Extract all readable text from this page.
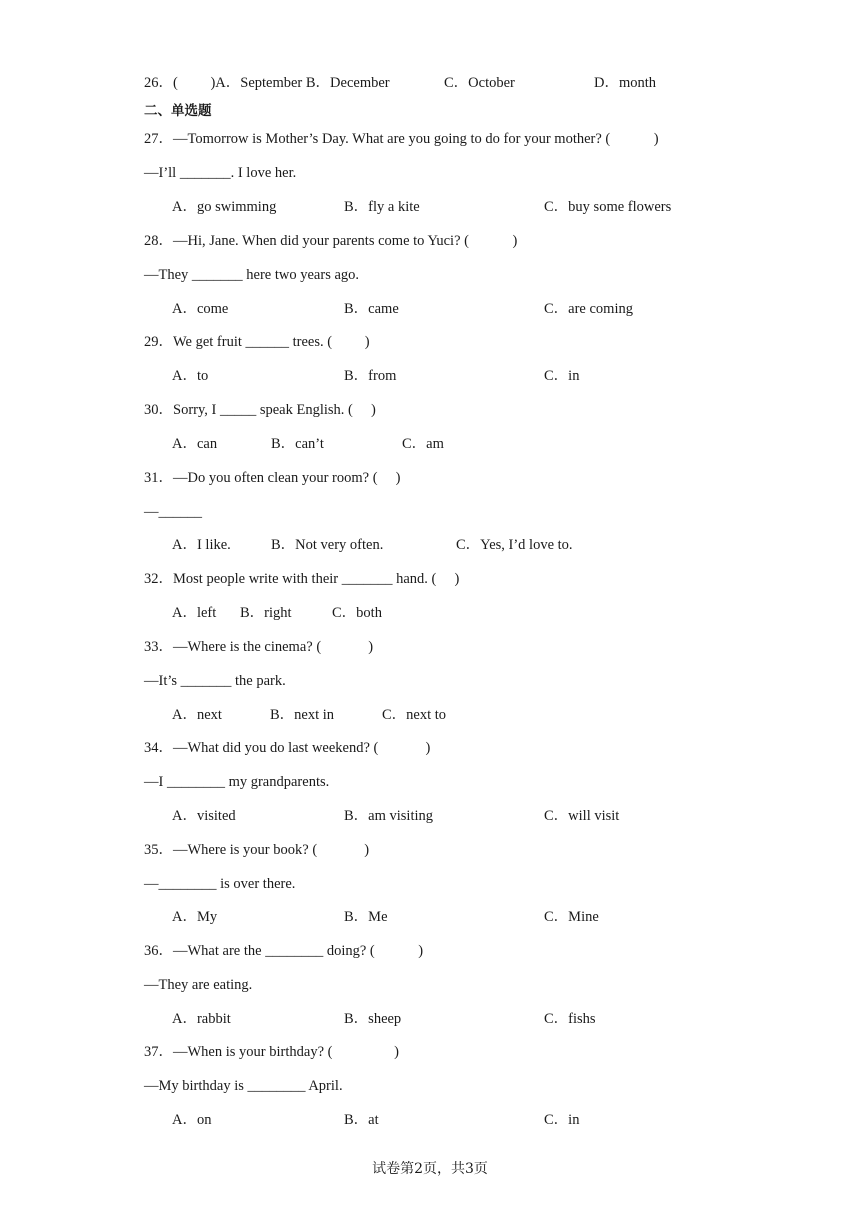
26．(　　 )A．September B．December	C．October	D．month
二、单选题
27．—Tomorrow is Mother’s Day. What are you going to do for your mother? (　　　)
—I’ll _______. I love her.
A．go swimming	B．fly a kite	C．buy some flowers
28．—Hi, Jane. When did your parents come to Yuci? (　　　)
—They _______ here two years ago.
A．come	B．came	C．are coming
29．We get fruit ______ trees. (　　 )
A．to	B．from	C．in
30．Sorry, I _____ speak English. (　 )
A．can	B．can’t	C．am
31．—Do you often clean your room? (　 )
—______
A．I like.	B．Not very often.	C．Yes, I’d love to.
32．Most people write with their _______ hand. (　 )
A．left B．right	C．both
33．—Where is the cinema? (　　　 )
—It’s _______ the park.
A．next	B．next in	C．next to
34．—What did you do last weekend? (　　　 )
—I ________ my grandparents.
A．visited	B．am visiting	C．will visit
35．—Where is your book? (　　　 )
—________ is over there.
A．My	B．Me	C．Mine
36．—What are the ________ doing? (　　　)
—They are eating.
A．rabbit	B．sheep	C．fishs
37．—When is your birthday? (　　　　 )
—My birthday is ________ April.
A．on	B．at	C．in
试卷第2页，共3页
